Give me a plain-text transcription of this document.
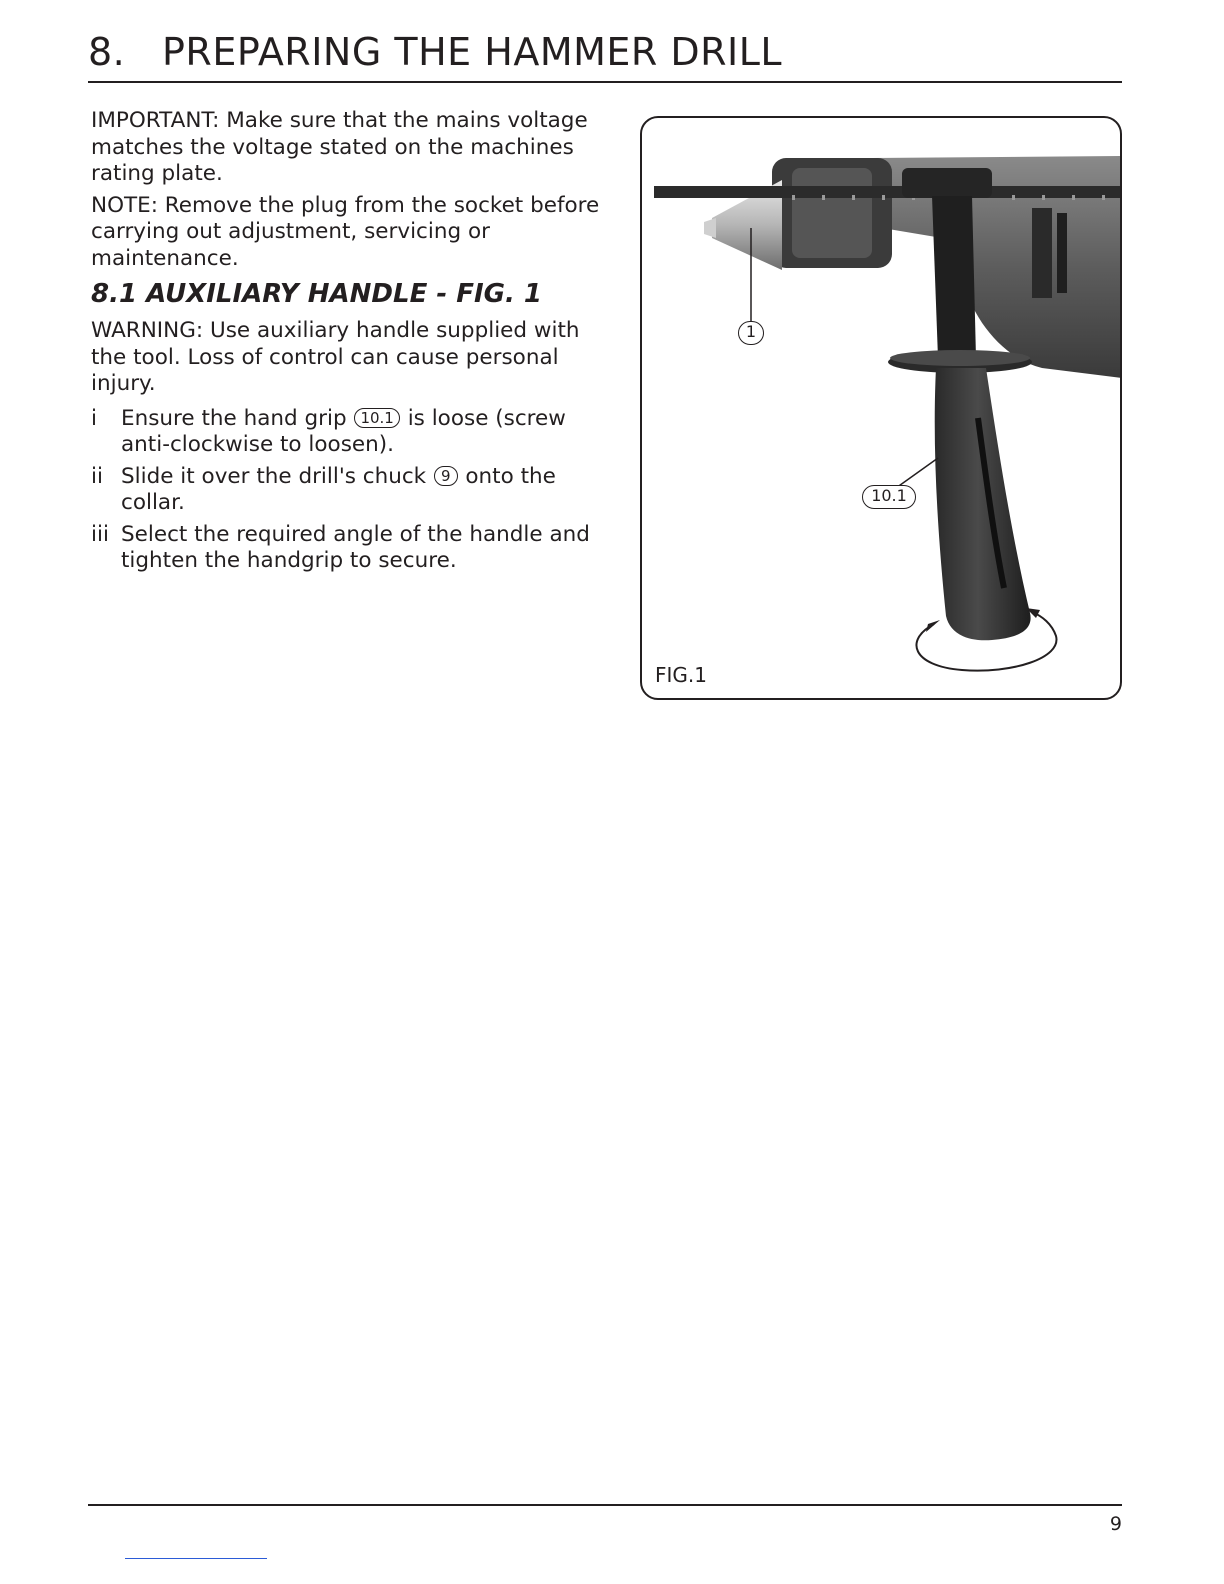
8. PREPARING THE HAMMER DRILL

IMPORTANT: Make sure that the mains voltage matches the voltage stated on the machines rating plate.

NOTE: Remove the plug from the socket before carrying out adjustment, servicing or maintenance.

8.1 AUXILIARY HANDLE - FIG. 1

WARNING: Use auxiliary handle supplied with the tool. Loss of control can cause personal injury.

i	Ensure the hand grip 10.1 is loose (screw anti-clockwise to loosen).
ii Slide it over the drill's chuck 9 onto the collar.
iii Select the required angle of the handle and tighten the handgrip to secure.
1
10.1
FIG.1
9
